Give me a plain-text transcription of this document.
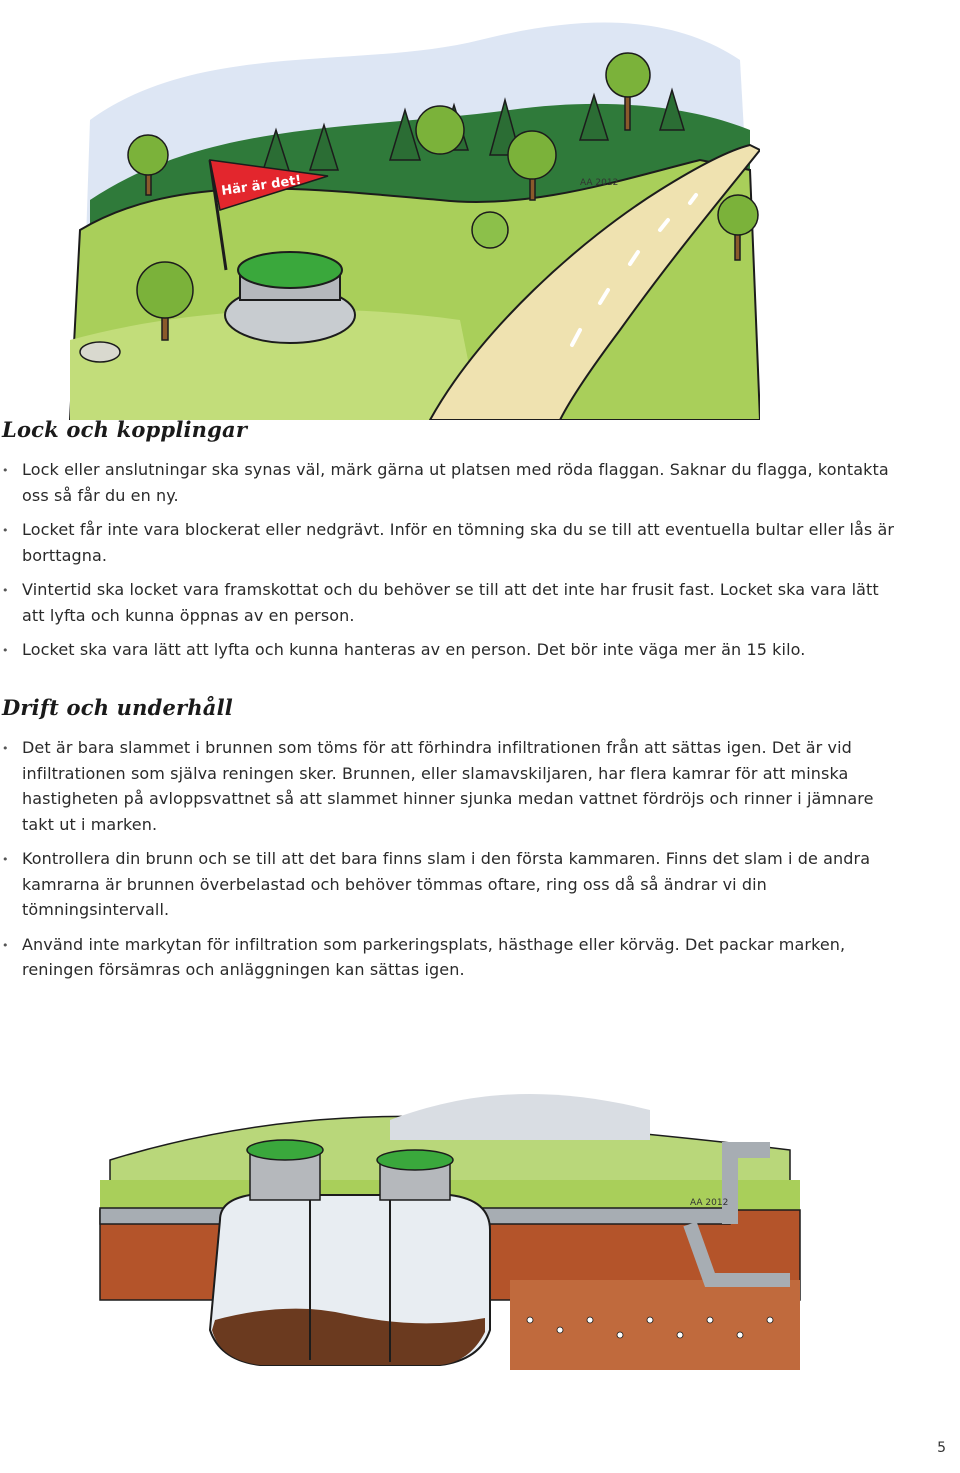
Här är det!	AA 2012
Lock och kopplingar
• Lock eller anslutningar ska synas väl, märk gärna ut platsen med röda flaggan. Saknar du flagga, kontakta oss så får du en ny.
• Locket får inte vara blockerat eller nedgrävt. Inför en tömning ska du se till att eventuella bultar eller lås är borttagna.
• Vintertid ska locket vara framskottat och du behöver se till att det inte har frusit fast. Locket ska vara lätt att lyfta och kunna öppnas av en person.
• Locket ska vara lätt att lyfta och kunna hanteras av en person. Det bör inte väga mer än 15 kilo.
Drift och underhåll
• Det är bara slammet i brunnen som töms för att förhindra infiltrationen från att sättas igen. Det är vid infiltrationen som själva reningen sker. Brunnen, eller slamavskiljaren, har flera kamrar för att minska hastigheten på avloppsvattnet så att slammet hinner sjunka medan vattnet fördröjs och rinner i jämnare takt ut i marken.
• Kontrollera din brunn och se till att det bara finns slam i den första kammaren. Finns det slam i de andra kamrarna är brunnen överbelastad och behöver tömmas oftare, ring oss då så ändrar vi din tömningsintervall.
• Använd inte markytan för infiltration som parkeringsplats, hästhage eller körväg. Det packar marken, reningen försämras och anläggningen kan sättas igen.
AA 2012
5
